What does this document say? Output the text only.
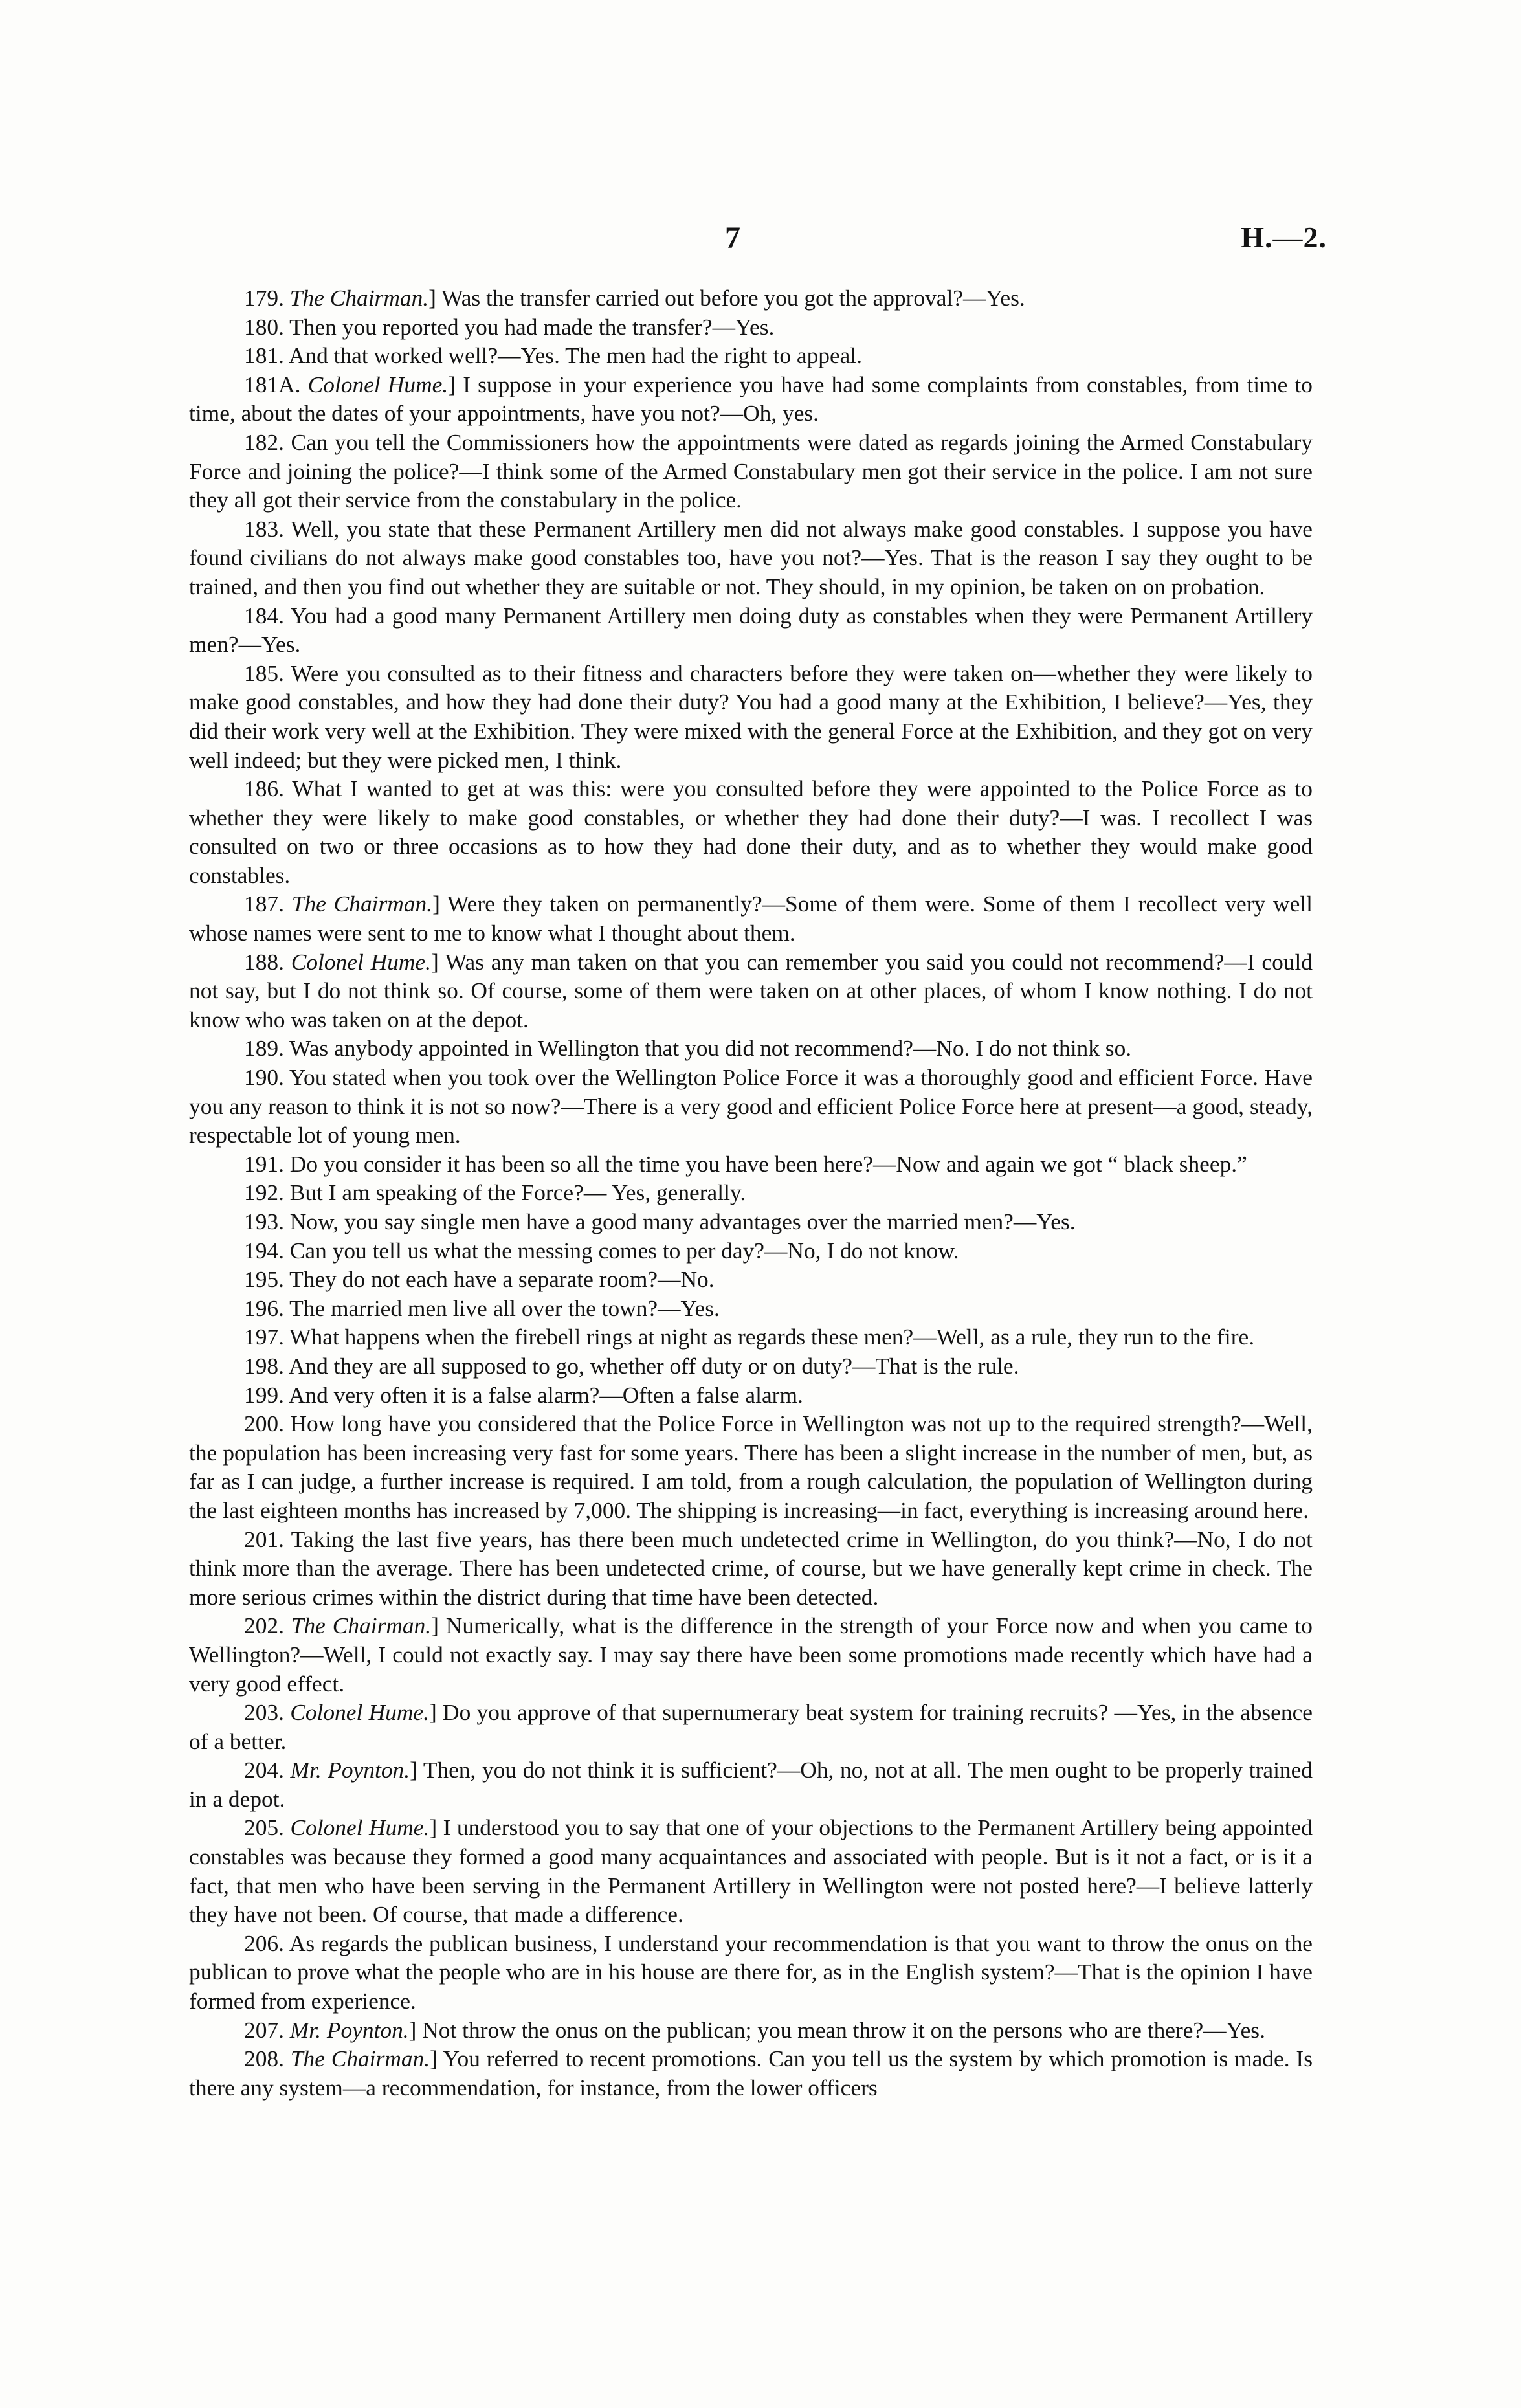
7	H.—2.

179. The Chairman.] Was the transfer carried out before you got the approval?—Yes.

180. Then you reported you had made the transfer?—Yes.

181. And that worked well?—Yes. The men had the right to appeal.

181A. Colonel Hume.] I suppose in your experience you have had some complaints from constables, from time to time, about the dates of your appointments, have you not?—Oh, yes.

182. Can you tell the Commissioners how the appointments were dated as regards joining the Armed Constabulary Force and joining the police?—I think some of the Armed Constabulary men got their service in the police. I am not sure they all got their service from the constabulary in the police.

183. Well, you state that these Permanent Artillery men did not always make good constables. I suppose you have found civilians do not always make good constables too, have you not?—Yes. That is the reason I say they ought to be trained, and then you find out whether they are suitable or not. They should, in my opinion, be taken on on probation.

184. You had a good many Permanent Artillery men doing duty as constables when they were Permanent Artillery men?—Yes.

185. Were you consulted as to their fitness and characters before they were taken on—whether they were likely to make good constables, and how they had done their duty? You had a good many at the Exhibition, I believe?—Yes, they did their work very well at the Exhibition. They were mixed with the general Force at the Exhibition, and they got on very well indeed; but they were picked men, I think.

186. What I wanted to get at was this: were you consulted before they were appointed to the Police Force as to whether they were likely to make good constables, or whether they had done their duty?—I was. I recollect I was consulted on two or three occasions as to how they had done their duty, and as to whether they would make good constables.

187. The Chairman.] Were they taken on permanently?—Some of them were. Some of them I recollect very well whose names were sent to me to know what I thought about them.

188. Colonel Hume.] Was any man taken on that you can remember you said you could not recommend?—I could not say, but I do not think so. Of course, some of them were taken on at other places, of whom I know nothing. I do not know who was taken on at the depot.

189. Was anybody appointed in Wellington that you did not recommend?—No. I do not think so.

190. You stated when you took over the Wellington Police Force it was a thoroughly good and efficient Force. Have you any reason to think it is not so now?—There is a very good and efficient Police Force here at present—a good, steady, respectable lot of young men.

191. Do you consider it has been so all the time you have been here?—Now and again we got “ black sheep.”

192. But I am speaking of the Force?— Yes, generally.

193. Now, you say single men have a good many advantages over the married men?—Yes.

194. Can you tell us what the messing comes to per day?—No, I do not know.

195. They do not each have a separate room?—No.

196. The married men live all over the town?—Yes.

197. What happens when the firebell rings at night as regards these men?—Well, as a rule, they run to the fire.

198. And they are all supposed to go, whether off duty or on duty?—That is the rule.

199. And very often it is a false alarm?—Often a false alarm.

200. How long have you considered that the Police Force in Wellington was not up to the required strength?—Well, the population has been increasing very fast for some years. There has been a slight increase in the number of men, but, as far as I can judge, a further increase is required. I am told, from a rough calculation, the population of Wellington during the last eighteen months has increased by 7,000. The shipping is increasing—in fact, everything is increasing around here.

201. Taking the last five years, has there been much undetected crime in Wellington, do you think?—No, I do not think more than the average. There has been undetected crime, of course, but we have generally kept crime in check. The more serious crimes within the district during that time have been detected.

202. The Chairman.] Numerically, what is the difference in the strength of your Force now and when you came to Wellington?—Well, I could not exactly say. I may say there have been some promotions made recently which have had a very good effect.

203. Colonel Hume.] Do you approve of that supernumerary beat system for training recruits? —Yes, in the absence of a better.

204. Mr. Poynton.] Then, you do not think it is sufficient?—Oh, no, not at all. The men ought to be properly trained in a depot.

205. Colonel Hume.] I understood you to say that one of your objections to the Permanent Artillery being appointed constables was because they formed a good many acquaintances and associated with people. But is it not a fact, or is it a fact, that men who have been serving in the Permanent Artillery in Wellington were not posted here?—I believe latterly they have not been. Of course, that made a difference.

206. As regards the publican business, I understand your recommendation is that you want to throw the onus on the publican to prove what the people who are in his house are there for, as in the English system?—That is the opinion I have formed from experience.

207. Mr. Poynton.] Not throw the onus on the publican; you mean throw it on the persons who are there?—Yes.

208. The Chairman.] You referred to recent promotions. Can you tell us the system by which promotion is made. Is there any system—a recommendation, for instance, from the lower officers
